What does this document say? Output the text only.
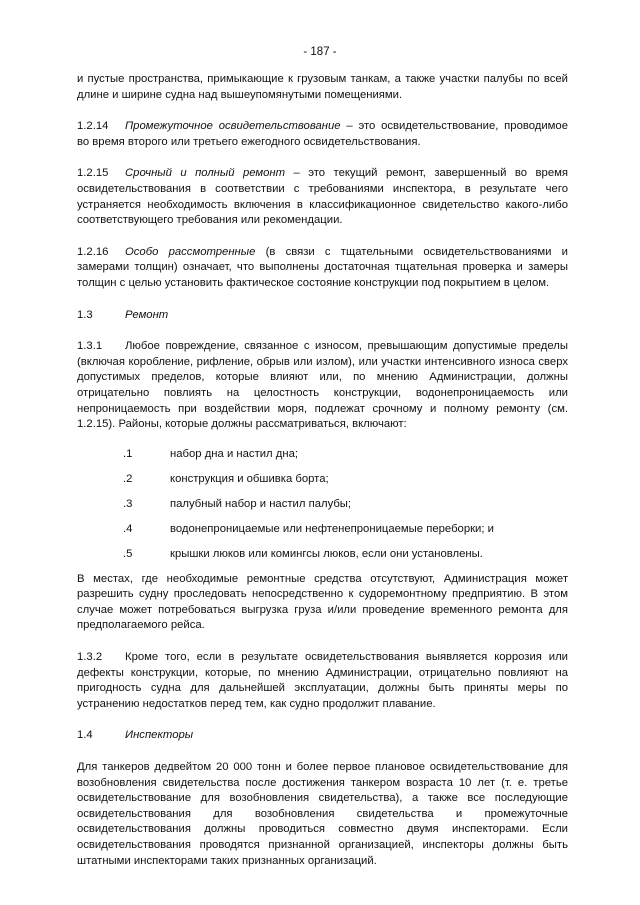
- 187 -

и пустые пространства, примыкающие к грузовым танкам, а также участки палубы по всей длине и ширине судна над вышеупомянутыми помещениями.

1.2.14 Промежуточное освидетельствование – это освидетельствование, проводимое во время второго или третьего ежегодного освидетельствования.

1.2.15 Срочный и полный ремонт – это текущий ремонт, завершенный во время освидетельствования в соответствии с требованиями инспектора, в результате чего устраняется необходимость включения в классификационное свидетельство какого-либо соответствующего требования или рекомендации.

1.2.16 Особо рассмотренные (в связи с тщательными освидетельствованиями и замерами толщин) означает, что выполнены достаточная тщательная проверка и замеры толщин с целью установить фактическое состояние конструкции под покрытием в целом.

1.3	Ремонт

1.3.1 Любое повреждение, связанное с износом, превышающим допустимые пределы (включая коробление, рифление, обрыв или излом), или участки интенсивного износа сверх допустимых пределов, которые влияют или, по мнению Администрации, должны отрицательно повлиять на целостность конструкции, водонепроницаемость или непроницаемость при воздействии моря, подлежат срочному и полному ремонту (см. 1.2.15). Районы, которые должны рассматриваться, включают:

.1	набор дна и настил дна;
.2	конструкция и обшивка борта;
.3	палубный набор и настил палубы;
.4	водонепроницаемые или нефтенепроницаемые переборки; и
.5	крышки люков или комингсы люков, если они установлены.

В местах, где необходимые ремонтные средства отсутствуют, Администрация может разрешить судну проследовать непосредственно к судоремонтному предприятию. В этом случае может потребоваться выгрузка груза и/или проведение временного ремонта для предполагаемого рейса.

1.3.2 Кроме того, если в результате освидетельствования выявляется коррозия или дефекты конструкции, которые, по мнению Администрации, отрицательно повлияют на пригодность судна для дальнейшей эксплуатации, должны быть приняты меры по устранению недостатков перед тем, как судно продолжит плавание.

1.4	Инспекторы

Для танкеров дедвейтом 20 000 тонн и более первое плановое освидетельствование для возобновления свидетельства после достижения танкером возраста 10 лет (т. е. третье освидетельствование для возобновления свидетельства), а также все последующие освидетельствования для возобновления свидетельства и промежуточные освидетельствования должны проводиться совместно двумя инспекторами. Если освидетельствования проводятся признанной организацией, инспекторы должны быть штатными инспекторами таких признанных организаций.
